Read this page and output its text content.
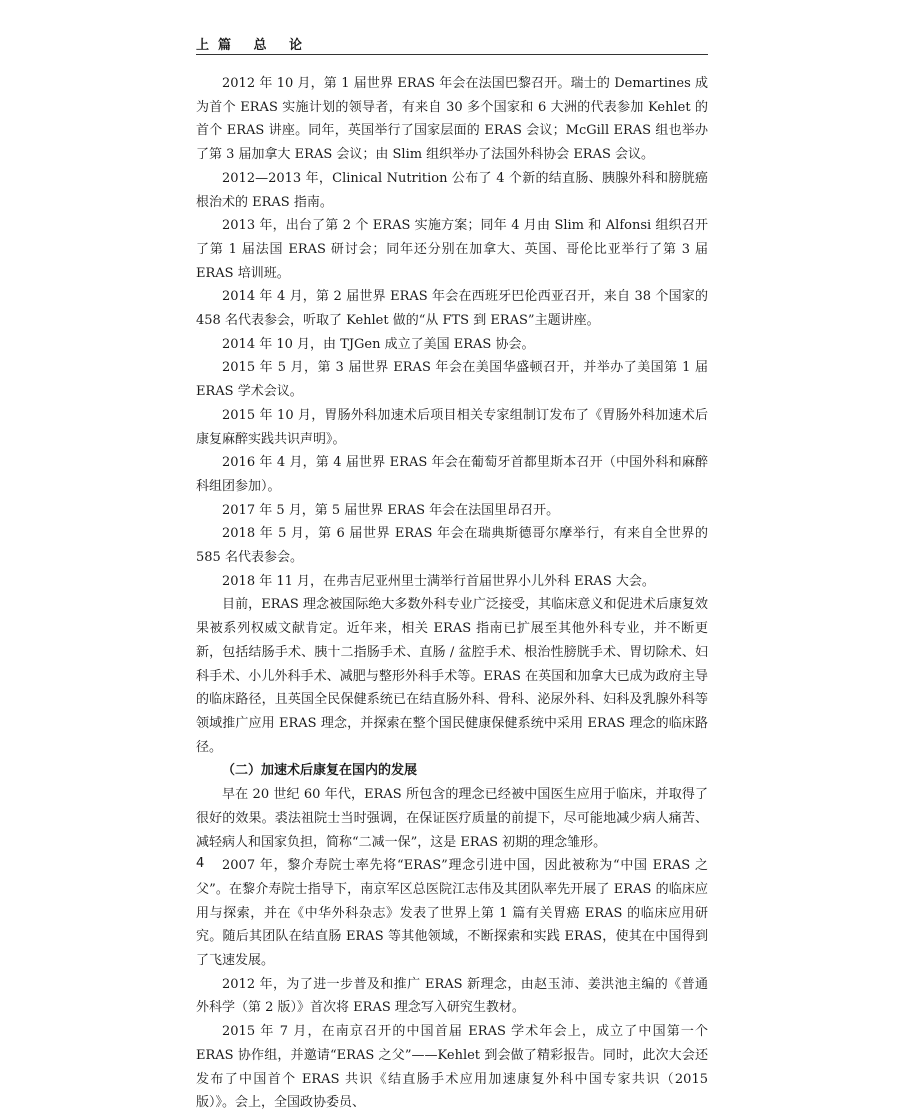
上篇 总 论

2012 年 10 月，第 1 届世界 ERAS 年会在法国巴黎召开。瑞士的 Demartines 成为首个 ERAS 实施计划的领导者，有来自 30 多个国家和 6 大洲的代表参加 Kehlet 的首个 ERAS 讲座。同年，英国举行了国家层面的 ERAS 会议；McGill ERAS 组也举办了第 3 届加拿大 ERAS 会议；由 Slim 组织举办了法国外科协会 ERAS 会议。

2012—2013 年，Clinical Nutrition 公布了 4 个新的结直肠、胰腺外科和膀胱癌根治术的 ERAS 指南。

2013 年，出台了第 2 个 ERAS 实施方案；同年 4 月由 Slim 和 Alfonsi 组织召开了第 1 届法国 ERAS 研讨会；同年还分别在加拿大、英国、哥伦比亚举行了第 3 届 ERAS 培训班。

2014 年 4 月，第 2 届世界 ERAS 年会在西班牙巴伦西亚召开，来自 38 个国家的 458 名代表参会，听取了 Kehlet 做的“从 FTS 到 ERAS”主题讲座。

2014 年 10 月，由 TJGen 成立了美国 ERAS 协会。

2015 年 5 月，第 3 届世界 ERAS 年会在美国华盛顿召开，并举办了美国第 1 届 ERAS 学术会议。

2015 年 10 月，胃肠外科加速术后项目相关专家组制订发布了《胃肠外科加速术后康复麻醉实践共识声明》。

2016 年 4 月，第 4 届世界 ERAS 年会在葡萄牙首都里斯本召开（中国外科和麻醉科组团参加）。

2017 年 5 月，第 5 届世界 ERAS 年会在法国里昂召开。

2018 年 5 月，第 6 届世界 ERAS 年会在瑞典斯德哥尔摩举行，有来自全世界的 585 名代表参会。

2018 年 11 月，在弗吉尼亚州里士满举行首届世界小儿外科 ERAS 大会。

目前，ERAS 理念被国际绝大多数外科专业广泛接受，其临床意义和促进术后康复效果被系列权威文献肯定。近年来，相关 ERAS 指南已扩展至其他外科专业，并不断更新，包括结肠手术、胰十二指肠手术、直肠 / 盆腔手术、根治性膀胱手术、胃切除术、妇科手术、小儿外科手术、减肥与整形外科手术等。ERAS 在英国和加拿大已成为政府主导的临床路径，且英国全民保健系统已在结直肠外科、骨科、泌尿外科、妇科及乳腺外科等领域推广应用 ERAS 理念，并探索在整个国民健康保健系统中采用 ERAS 理念的临床路径。

（二）加速术后康复在国内的发展

早在 20 世纪 60 年代，ERAS 所包含的理念已经被中国医生应用于临床，并取得了很好的效果。裘法祖院士当时强调，在保证医疗质量的前提下，尽可能地减少病人痛苦、减轻病人和国家负担，简称“二减一保”，这是 ERAS 初期的理念雏形。

2007 年，黎介寿院士率先将“ERAS”理念引进中国，因此被称为“中国 ERAS 之父”。在黎介寿院士指导下，南京军区总医院江志伟及其团队率先开展了 ERAS 的临床应用与探索，并在《中华外科杂志》发表了世界上第 1 篇有关胃癌 ERAS 的临床应用研究。随后其团队在结直肠 ERAS 等其他领域，不断探索和实践 ERAS，使其在中国得到了飞速发展。

2012 年，为了进一步普及和推广 ERAS 新理念，由赵玉沛、姜洪池主编的《普通外科学（第 2 版）》首次将 ERAS 理念写入研究生教材。

2015 年 7 月，在南京召开的中国首届 ERAS 学术年会上，成立了中国第一个 ERAS 协作组，并邀请“ERAS 之父”——Kehlet 到会做了精彩报告。同时，此次大会还发布了中国首个 ERAS 共识《结直肠手术应用加速康复外科中国专家共识（2015 版）》。会上，全国政协委员、

4
